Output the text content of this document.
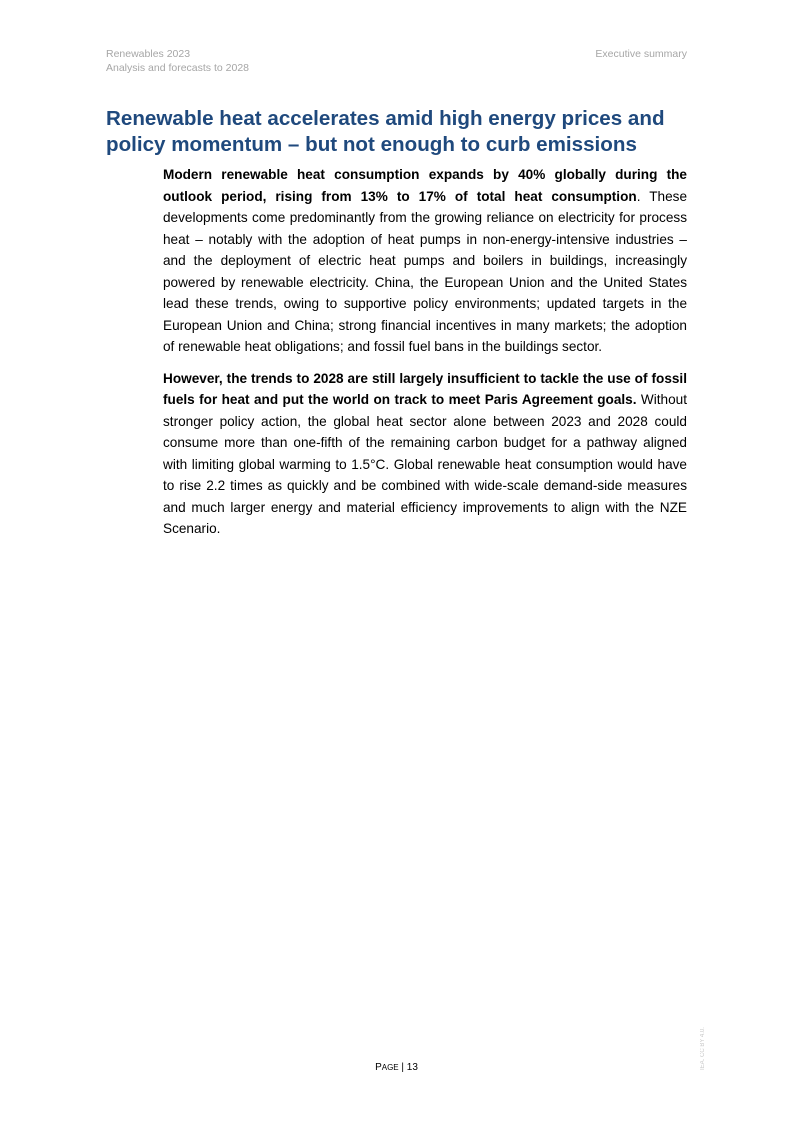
Renewables 2023
Analysis and forecasts to 2028
Executive summary
Renewable heat accelerates amid high energy prices and
policy momentum – but not enough to curb emissions

Modern renewable heat consumption expands by 40% globally during the outlook period, rising from 13% to 17% of total heat consumption. These developments come predominantly from the growing reliance on electricity for process heat – notably with the adoption of heat pumps in non-energy-intensive industries – and the deployment of electric heat pumps and boilers in buildings, increasingly powered by renewable electricity. China, the European Union and the United States lead these trends, owing to supportive policy environments; updated targets in the European Union and China; strong financial incentives in many markets; the adoption of renewable heat obligations; and fossil fuel bans in the buildings sector.

However, the trends to 2028 are still largely insufficient to tackle the use of fossil fuels for heat and put the world on track to meet Paris Agreement goals. Without stronger policy action, the global heat sector alone between 2023 and 2028 could consume more than one-fifth of the remaining carbon budget for a pathway aligned with limiting global warming to 1.5°C. Global renewable heat consumption would have to rise 2.2 times as quickly and be combined with wide-scale demand-side measures and much larger energy and material efficiency improvements to align with the NZE Scenario.

IEA. CC BY 4.0.
PAGE | 13
